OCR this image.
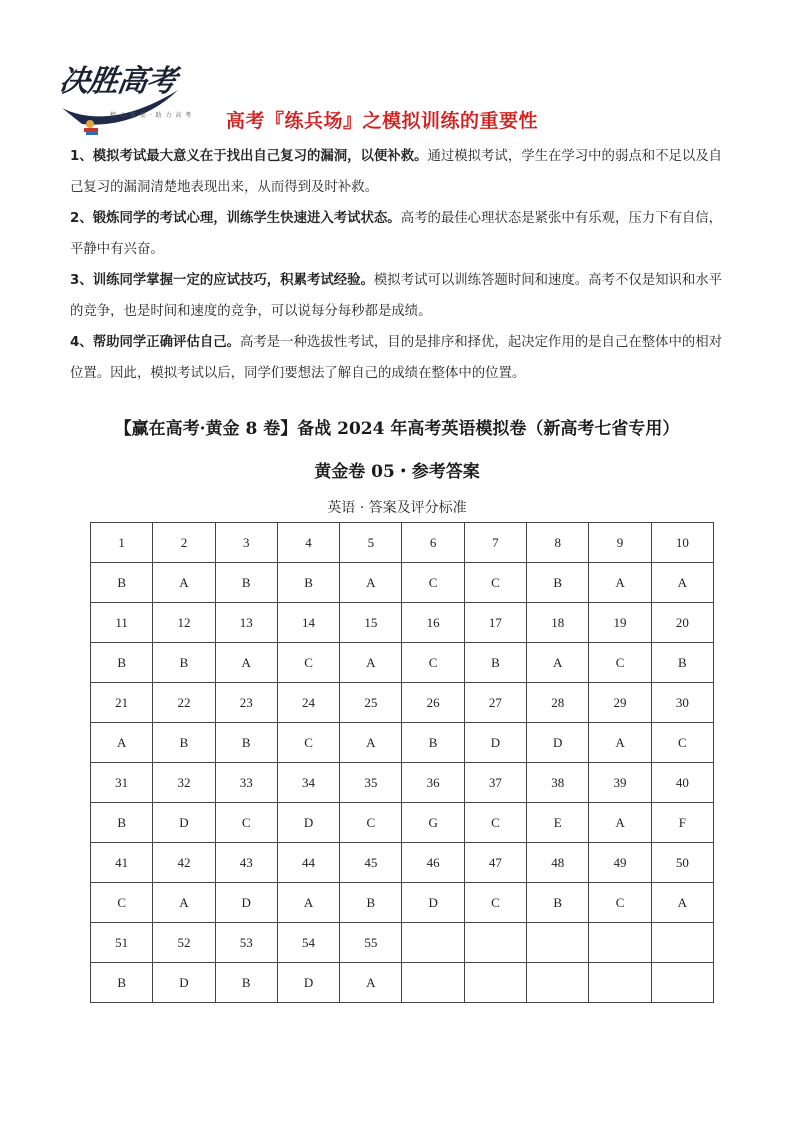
决胜高考
精 心 策 划 · 助 力 高 考 高考『练兵场』之模拟训练的重要性

1、模拟考试最大意义在于找出自己复习的漏洞，以便补救。通过模拟考试，学生在学习中的弱点和不足以及自己复习的漏洞清楚地表现出来，从而得到及时补救。

2、锻炼同学的考试心理，训练学生快速进入考试状态。高考的最佳心理状态是紧张中有乐观，压力下有自信，平静中有兴奋。

3、训练同学掌握一定的应试技巧，积累考试经验。模拟考试可以训练答题时间和速度。高考不仅是知识和水平的竞争，也是时间和速度的竞争，可以说每分每秒都是成绩。

4、帮助同学正确评估自己。高考是一种选拔性考试，目的是排序和择优，起决定作用的是自己在整体中的相对位置。因此，模拟考试以后，同学们要想法了解自己的成绩在整体中的位置。

【赢在高考·黄金 8 卷】备战 2024 年高考英语模拟卷（新高考七省专用）
黄金卷 05・参考答案
英语 · 答案及评分标准
1	2	3	4	5	6	7	8	9	10
B	A	B	B	A	C	C	B	A	A
11	12	13	14	15	16	17	18	19	20
B	B	A	C	A	C	B	A	C	B
21	22	23	24	25	26	27	28	29	30
A	B	B	C	A	B	D	D	A	C
31	32	33	34	35	36	37	38	39	40
B	D	C	D	C	G	C	E	A	F
41	42	43	44	45	46	47	48	49	50
C	A	D	A	B	D	C	B	C	A
51	52	53	54	55					
B	D	B	D	A					
